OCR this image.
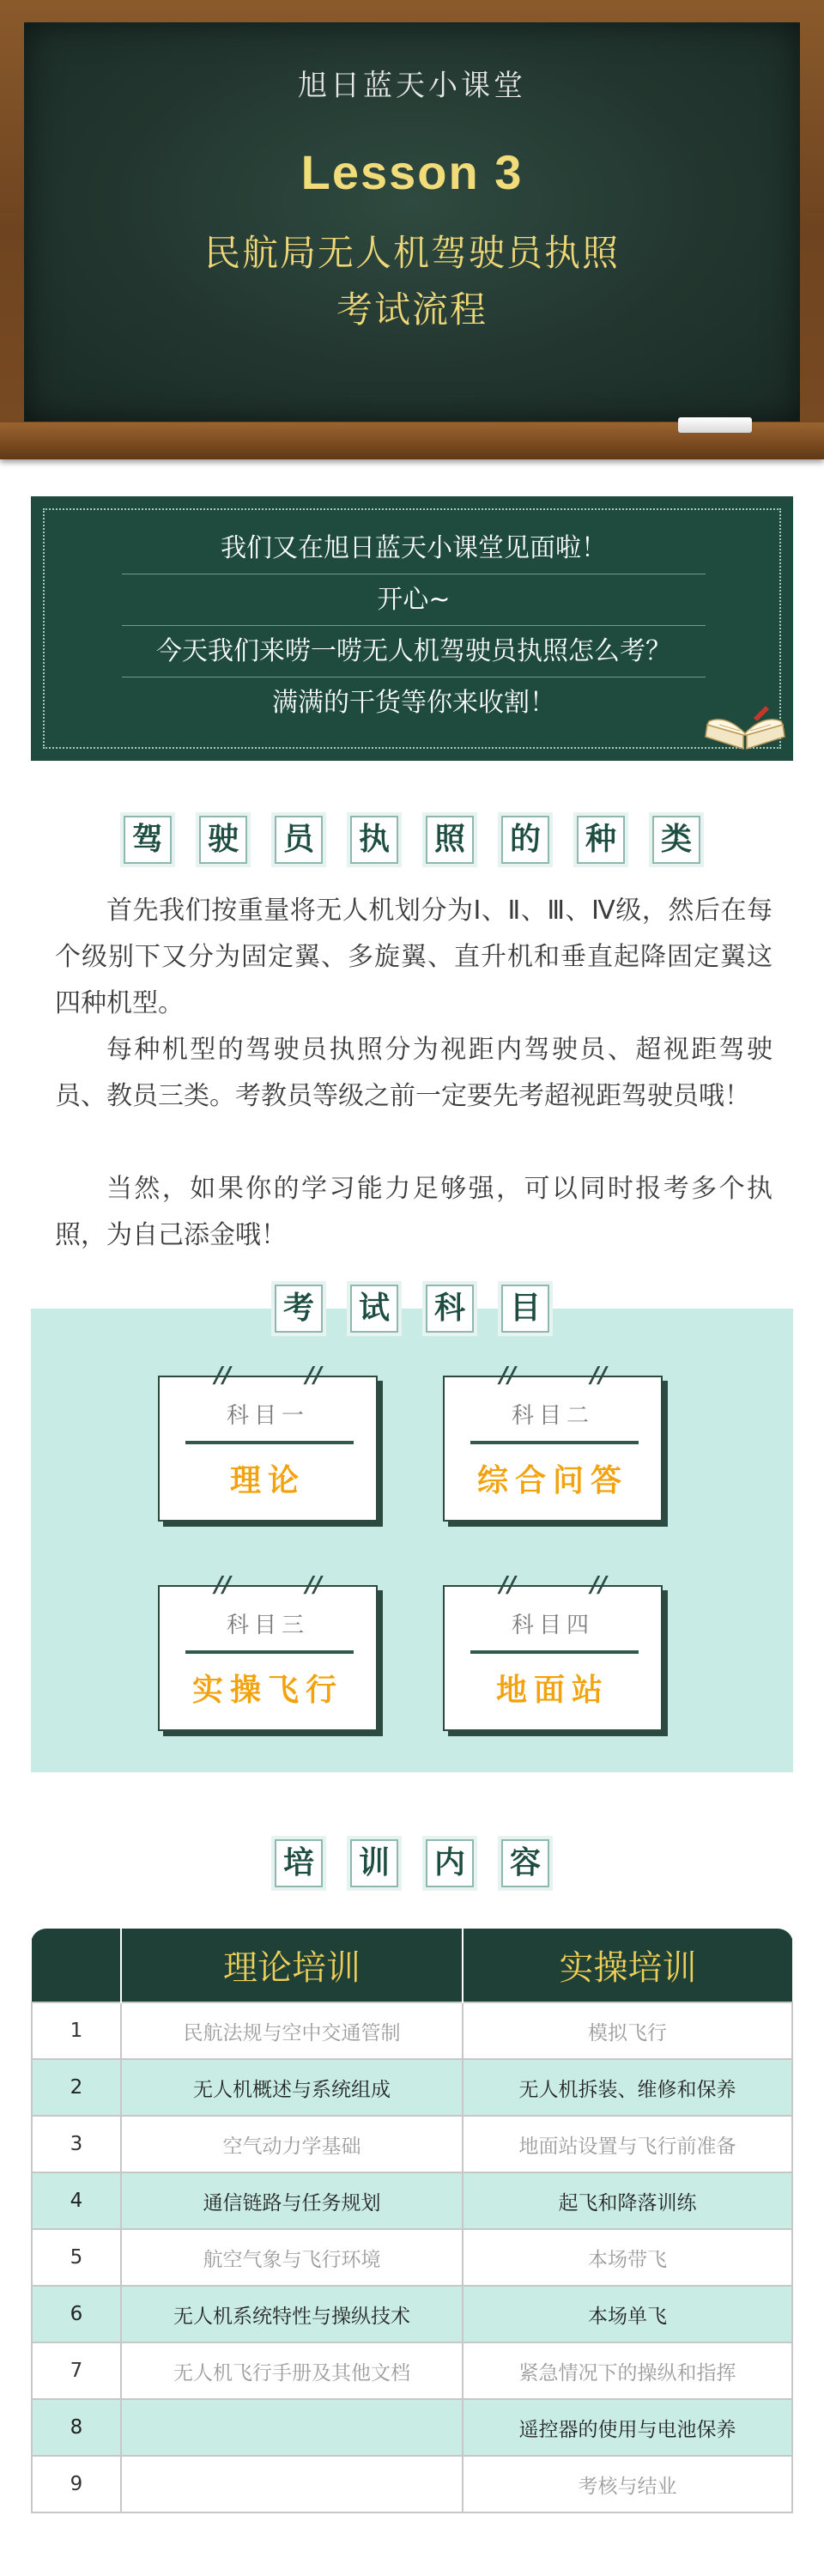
旭日蓝天小课堂
Lesson 3
民航局无人机驾驶员执照
考试流程
我们又在旭日蓝天小课堂见面啦！
开心~
今天我们来唠一唠无人机驾驶员执照怎么考？
满满的干货等你来收割！
驾 驶 员 执 照 的 种 类

首先我们按重量将无人机划分为Ⅰ、Ⅱ、Ⅲ、Ⅳ级，然后在每个级别下又分为固定翼、多旋翼、直升机和垂直起降固定翼这四种机型。

每种机型的驾驶员执照分为视距内驾驶员、超视距驾驶员、教员三类。考教员等级之前一定要先考超视距驾驶员哦！

当然，如果你的学习能力足够强，可以同时报考多个执照，为自己添金哦！

考 试 科 目
//	//
科目一
理论
//	//
科目二
综合问答
//	//
科目三
实操飞行
//	//
科目四
地面站
培 训 内 容
	理论培训	实操培训
1	民航法规与空中交通管制	模拟飞行
2	无人机概述与系统组成	无人机拆装、维修和保养
3	空气动力学基础	地面站设置与飞行前准备
4	通信链路与任务规划	起飞和降落训练
5	航空气象与飞行环境	本场带飞
6	无人机系统特性与操纵技术	本场单飞
7	无人机飞行手册及其他文档	紧急情况下的操纵和指挥
8		遥控器的使用与电池保养
9		考核与结业
